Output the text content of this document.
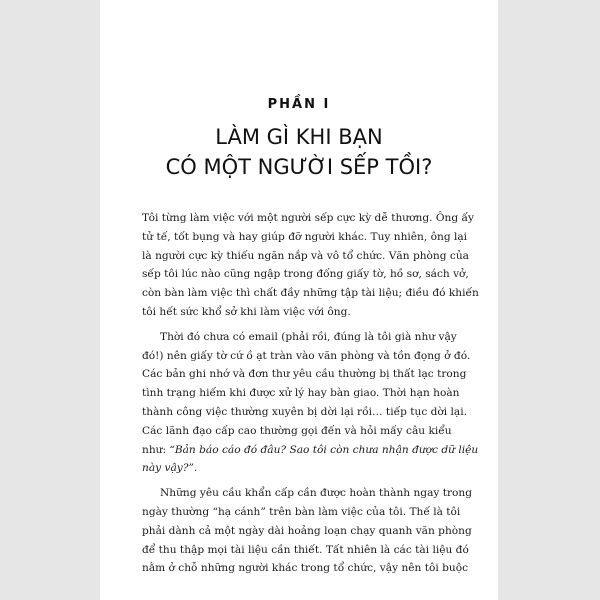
PHẦN I
LÀM GÌ KHI BẠN
CÓ MỘT NGƯỜI SẾP TỒI?

Tôi từng làm việc với một người sếp cực kỳ dễ thương. Ông ấy

tử tế, tốt bụng và hay giúp đỡ người khác. Tuy nhiên, ông lại

là người cực kỳ thiếu ngăn nắp và vô tổ chức. Văn phòng của

sếp tôi lúc nào cũng ngập trong đống giấy tờ, hồ sơ, sách vở,

còn bàn làm việc thì chất đầy những tập tài liệu; điều đó khiến

tôi hết sức khổ sở khi làm việc với ông.

Thời đó chưa có email (phải rồi, đúng là tôi già như vậy

đó!) nên giấy tờ cứ ồ ạt tràn vào văn phòng và tồn đọng ở đó.

Các bản ghi nhớ và đơn thư yêu cầu thường bị thất lạc trong

tình trạng hiếm khi được xử lý hay bàn giao. Thời hạn hoàn

thành công việc thường xuyên bị dời lại rồi… tiếp tục dời lại.

Các lãnh đạo cấp cao thường gọi đến và hỏi mấy câu kiểu

như: “Bản báo cáo đó đâu? Sao tôi còn chưa nhận được dữ liệu

này vậy?”.

Những yêu cầu khẩn cấp cần được hoàn thành ngay trong

ngày thường “hạ cánh” trên bàn làm việc của tôi. Thế là tôi

phải dành cả một ngày dài hoảng loạn chạy quanh văn phòng

để thu thập mọi tài liệu cần thiết. Tất nhiên là các tài liệu đó

nằm ở chỗ những người khác trong tổ chức, vậy nên tôi buộc
